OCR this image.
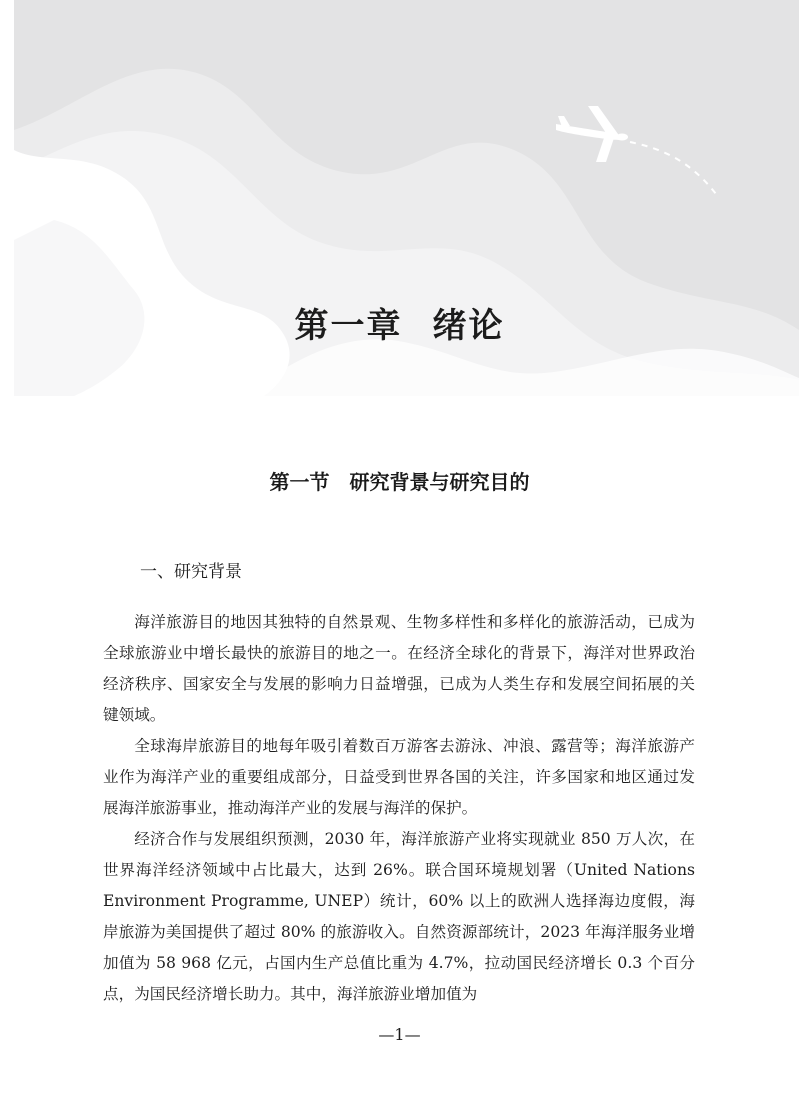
第一章 绪论
第一节 研究背景与研究目的
一、研究背景

海洋旅游目的地因其独特的自然景观、生物多样性和多样化的旅游活动，已成为全球旅游业中增长最快的旅游目的地之一。在经济全球化的背景下，海洋对世界政治经济秩序、国家安全与发展的影响力日益增强，已成为人类生存和发展空间拓展的关键领域。

全球海岸旅游目的地每年吸引着数百万游客去游泳、冲浪、露营等；海洋旅游产业作为海洋产业的重要组成部分，日益受到世界各国的关注，许多国家和地区通过发展海洋旅游事业，推动海洋产业的发展与海洋的保护。

经济合作与发展组织预测，2030 年，海洋旅游产业将实现就业 850 万人次，在世界海洋经济领域中占比最大，达到 26%。联合国环境规划署（United Nations Environment Programme, UNEP）统计，60% 以上的欧洲人选择海边度假，海岸旅游为美国提供了超过 80% 的旅游收入。自然资源部统计，2023 年海洋服务业增加值为 58 968 亿元，占国内生产总值比重为 4.7%，拉动国民经济增长 0.3 个百分点，为国民经济增长助力。其中，海洋旅游业增加值为

—1—
